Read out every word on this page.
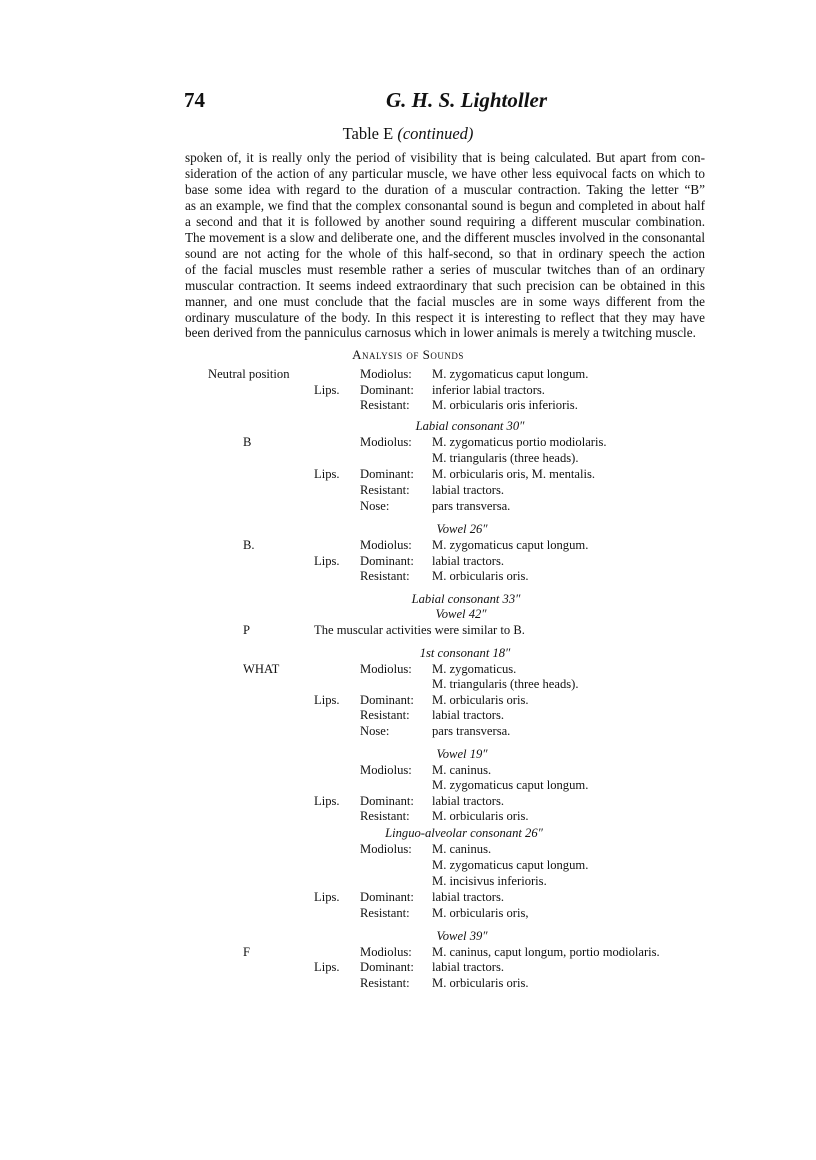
74	G. H. S. Lightoller
Table E (continued)

spoken of, it is really only the period of visibility that is being calculated. But apart from con-

sideration of the action of any particular muscle, we have other less equivocal facts on which to

base some idea with regard to the duration of a muscular contraction. Taking the letter “B”

as an example, we find that the complex consonantal sound is begun and completed in about half

a second and that it is followed by another sound requiring a different muscular combination.

The movement is a slow and deliberate one, and the different muscles involved in the consonantal

sound are not acting for the whole of this half-second, so that in ordinary speech the action

of the facial muscles must resemble rather a series of muscular twitches than of an ordinary

muscular contraction. It seems indeed extraordinary that such precision can be obtained in this

manner, and one must conclude that the facial muscles are in some ways different from the

ordinary musculature of the body. In this respect it is interesting to reflect that they may have

been derived from the panniculus carnosus which in lower animals is merely a twitching muscle.

Analysis of Sounds
Neutral position	Modiolus: M. zygomaticus caput longum.
Lips. Dominant: inferior labial tractors.
Resistant: M. orbicularis oris inferioris.
Labial consonant 30″
B	Modiolus: M. zygomaticus portio modiolaris.
M. triangularis (three heads).
Lips. Dominant: M. orbicularis oris, M. mentalis.
Resistant: labial tractors.
Nose:	pars transversa.
Vowel 26″
B.	Modiolus: M. zygomaticus caput longum.
Lips. Dominant: labial tractors.
Resistant: M. orbicularis oris.
Labial consonant 33″
Vowel 42″
P	The muscular activities were similar to B.
1st consonant 18″
WHAT	Modiolus: M. zygomaticus.
M. triangularis (three heads).
Lips. Dominant: M. orbicularis oris.
Resistant: labial tractors.
Nose:	pars transversa.
Vowel 19″
Modiolus: M. caninus.
M. zygomaticus caput longum.
Lips. Dominant: labial tractors.
Resistant: M. orbicularis oris.
Linguo-alveolar consonant 26″
Modiolus: M. caninus.
M. zygomaticus caput longum.
M. incisivus inferioris.
Lips. Dominant: labial tractors.
Resistant: M. orbicularis oris,
Vowel 39″
F	Modiolus: M. caninus, caput longum, portio modiolaris.
Lips. Dominant: labial tractors.
Resistant: M. orbicularis oris.
